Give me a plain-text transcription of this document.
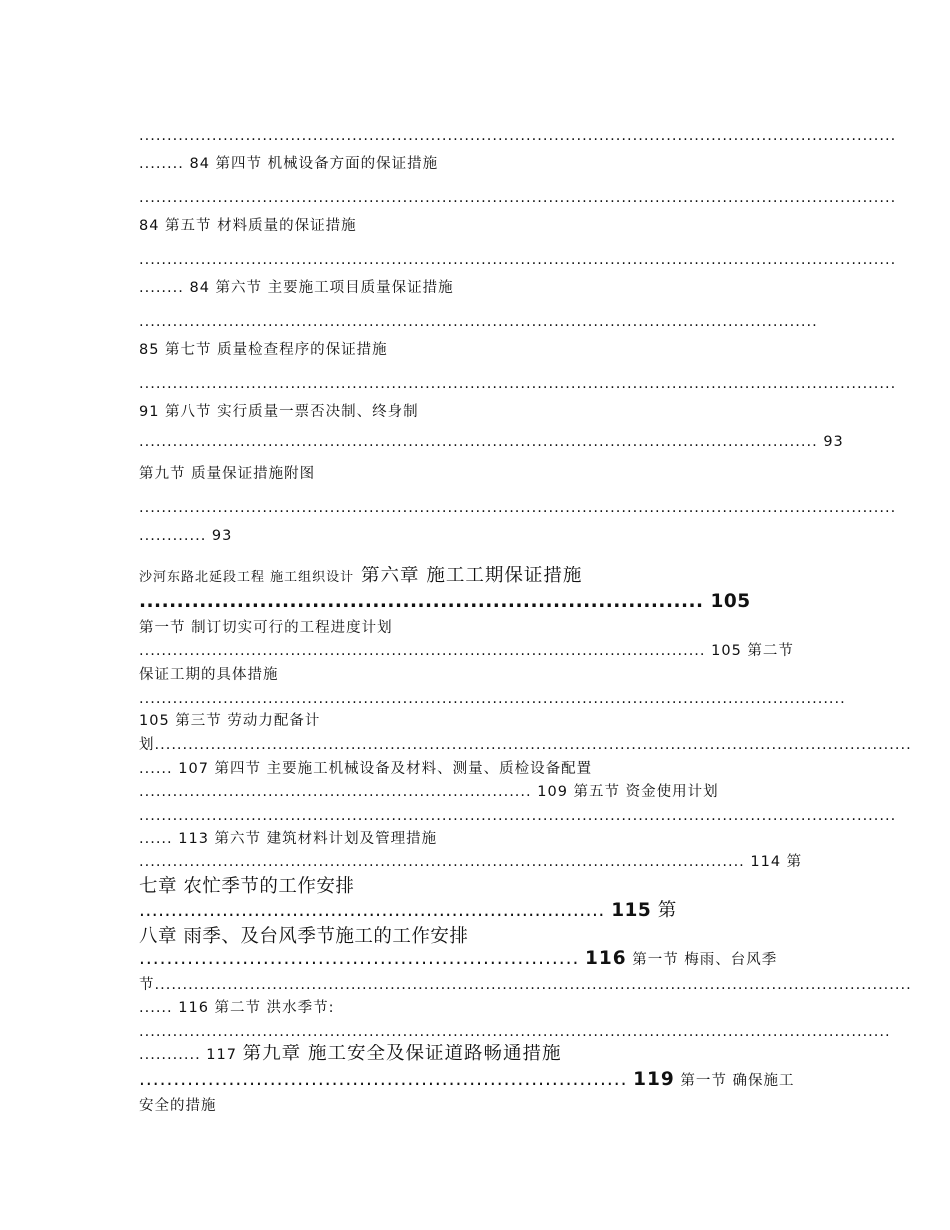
.......................................................................................................................................
........ 84 第四节 机械设备方面的保证措施
.......................................................................................................................................
84 第五节 材料质量的保证措施
.......................................................................................................................................
........ 84 第六节 主要施工项目质量保证措施
.........................................................................................................................
85 第七节 质量检查程序的保证措施
.......................................................................................................................................
91 第八节 实行质量一票否决制、终身制
......................................................................................................................... 93
第九节 质量保证措施附图
.......................................................................................................................................
............ 93
沙河东路北延段工程 施工组织设计 第六章 施工工期保证措施
........................................................................... 105
第一节 制订切实可行的工程进度计划
..................................................................................................... 105 第二节
保证工期的具体措施
..............................................................................................................................
105 第三节 劳动力配备计
划.......................................................................................................................................
...... 107 第四节 主要施工机械设备及材料、测量、质检设备配置
...................................................................... 109 第五节 资金使用计划
.......................................................................................................................................
...... 113 第六节 建筑材料计划及管理措施
............................................................................................................ 114 第
七章 农忙季节的工作安排
......................................................................... 115 第
八章 雨季、及台风季节施工的工作安排
................................................................ 116 第一节 梅雨、台风季
节.......................................................................................................................................
...... 116 第二节 洪水季节:
......................................................................................................................................
........... 117 第九章 施工安全及保证道路畅通措施
....................................................................... 119 第一节 确保施工
安全的措施
